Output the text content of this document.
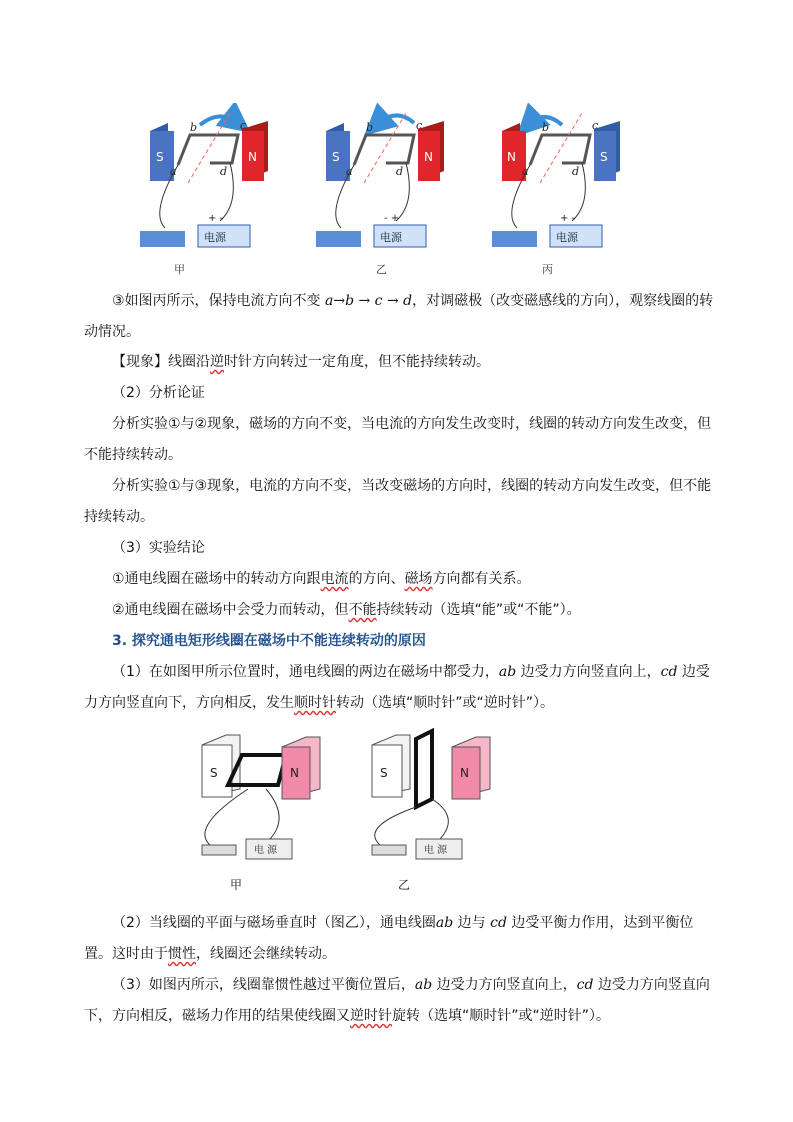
S	N
b	c
a	d
电源
+ -
甲
S	N
b	c
a	d
电源
- +
乙
N	S
b	c
a	d
电源
+ -
丙
③如图丙所示，保持电流方向不变 a→b → c → d，对调磁极（改变磁感线的方向），观察线圈的转动情况。
【现象】线圈沿逆时针方向转过一定角度，但不能持续转动。
（2）分析论证
分析实验①与②现象，磁场的方向不变，当电流的方向发生改变时，线圈的转动方向发生改变，但不能持续转动。
分析实验①与③现象，电流的方向不变，当改变磁场的方向时，线圈的转动方向发生改变，但不能持续转动。
（3）实验结论
①通电线圈在磁场中的转动方向跟电流的方向、磁场方向都有关系。
②通电线圈在磁场中会受力而转动，但不能持续转动（选填“能”或“不能”）。
3. 探究通电矩形线圈在磁场中不能连续转动的原因
（1）在如图甲所示位置时，通电线圈的两边在磁场中都受力，ab 边受力方向竖直向上，cd 边受力方向竖直向下，方向相反，发生顺时针转动（选填“顺时针”或“逆时针”）。
S	N
电 源
甲
S	N
电 源
乙
（2）当线圈的平面与磁场垂直时（图乙），通电线圈ab 边与 cd 边受平衡力作用，达到平衡位置。这时由于惯性，线圈还会继续转动。
（3）如图丙所示，线圈靠惯性越过平衡位置后，ab 边受力方向竖直向上，cd 边受力方向竖直向下，方向相反，磁场力作用的结果使线圈又逆时针旋转（选填“顺时针”或“逆时针”）。
